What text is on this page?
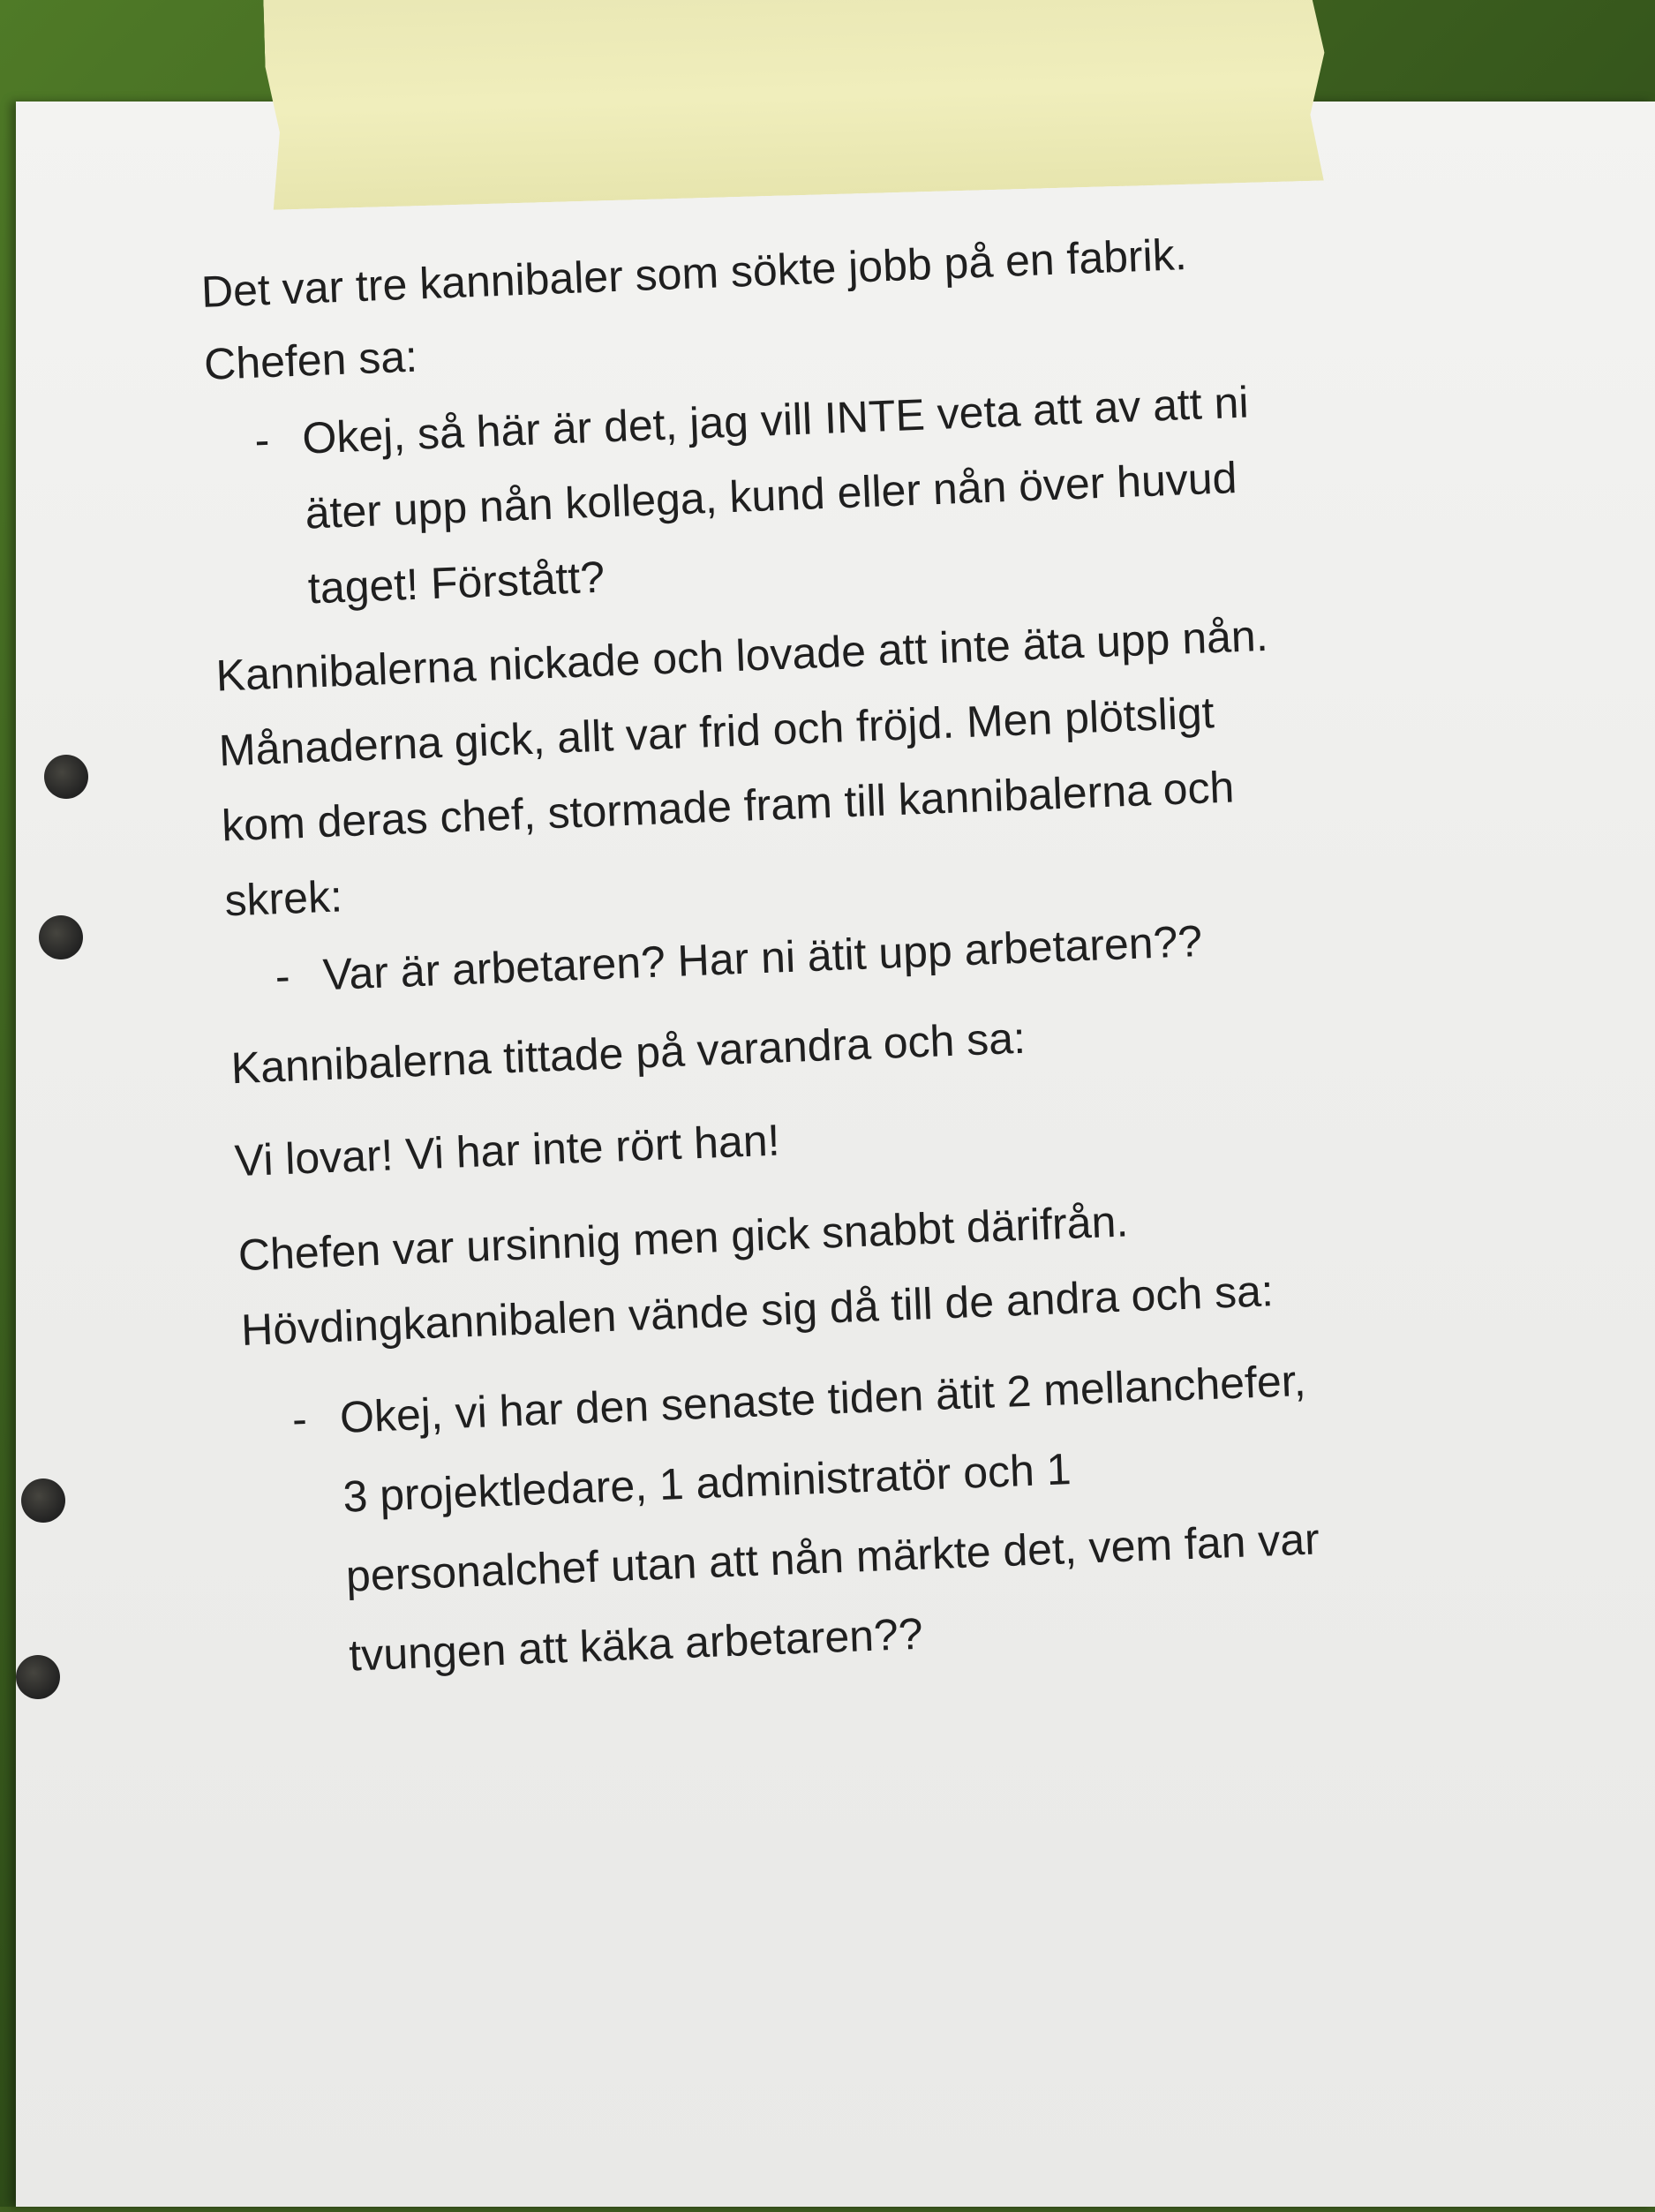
Det var tre kannibaler som sökte jobb på en fabrik.
Chefen sa:
- Okej, så här är det, jag vill INTE veta att av att ni
äter upp nån kollega, kund eller nån över huvud
taget! Förstått?
Kannibalerna nickade och lovade att inte äta upp nån.
Månaderna gick, allt var frid och fröjd. Men plötsligt
kom deras chef, stormade fram till kannibalerna och
skrek:
- Var är arbetaren? Har ni ätit upp arbetaren??
Kannibalerna tittade på varandra och sa:
Vi lovar! Vi har inte rört han!
Chefen var ursinnig men gick snabbt därifrån.
Hövdingkannibalen vände sig då till de andra och sa:
- Okej, vi har den senaste tiden ätit 2 mellanchefer,
3 projektledare, 1 administratör och 1
personalchef utan att nån märkte det, vem fan var
tvungen att käka arbetaren??
